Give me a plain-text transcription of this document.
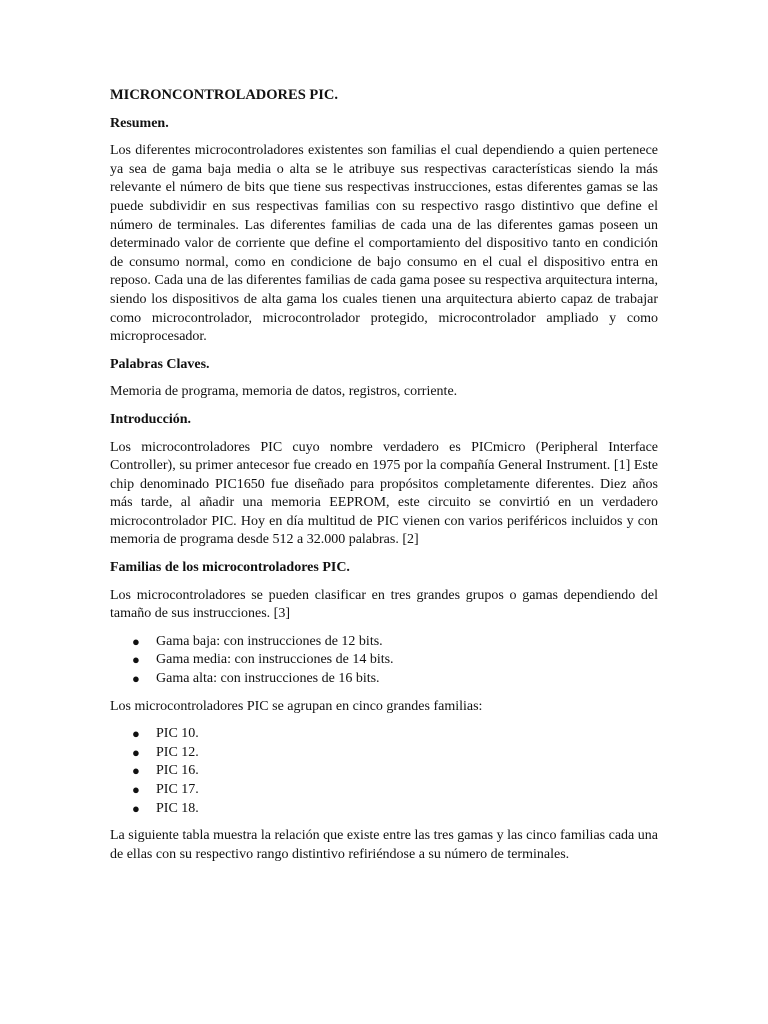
MICRONCONTROLADORES PIC.
Resumen.

Los diferentes microcontroladores existentes son familias el cual dependiendo a quien pertenece ya sea de gama baja media o alta se le atribuye sus respectivas características siendo la más relevante el número de bits que tiene sus respectivas instrucciones, estas diferentes gamas se las puede subdividir en sus respectivas familias con su respectivo rasgo distintivo que define el número de terminales. Las diferentes familias de cada una de las diferentes gamas poseen un determinado valor de corriente que define el comportamiento del dispositivo tanto en condición de consumo normal, como en condicione de bajo consumo en el cual el dispositivo entra en reposo. Cada una de las diferentes familias de cada gama posee su respectiva arquitectura interna, siendo los dispositivos de alta gama los cuales tienen una arquitectura abierto capaz de trabajar como microcontrolador, microcontrolador protegido, microcontrolador ampliado y como microprocesador.

Palabras Claves.

Memoria de programa, memoria de datos, registros, corriente.

Introducción.

Los microcontroladores PIC cuyo nombre verdadero es PICmicro (Peripheral Interface Controller), su primer antecesor fue creado en 1975 por la compañía General Instrument. [1] Este chip denominado PIC1650 fue diseñado para propósitos completamente diferentes. Diez años más tarde, al añadir una memoria EEPROM, este circuito se convirtió en un verdadero microcontrolador PIC. Hoy en día multitud de PIC vienen con varios periféricos incluidos y con memoria de programa desde 512 a 32.000 palabras. [2]

Familias de los microcontroladores PIC.

Los microcontroladores se pueden clasificar en tres grandes grupos o gamas dependiendo del tamaño de sus instrucciones. [3]

● Gama baja: con instrucciones de 12 bits.
● Gama media: con instrucciones de 14 bits.
● Gama alta: con instrucciones de 16 bits.

Los microcontroladores PIC se agrupan en cinco grandes familias:

● PIC 10.
● PIC 12.
● PIC 16.
● PIC 17.
● PIC 18.

La siguiente tabla muestra la relación que existe entre las tres gamas y las cinco familias cada una de ellas con su respectivo rango distintivo refiriéndose a su número de terminales.
